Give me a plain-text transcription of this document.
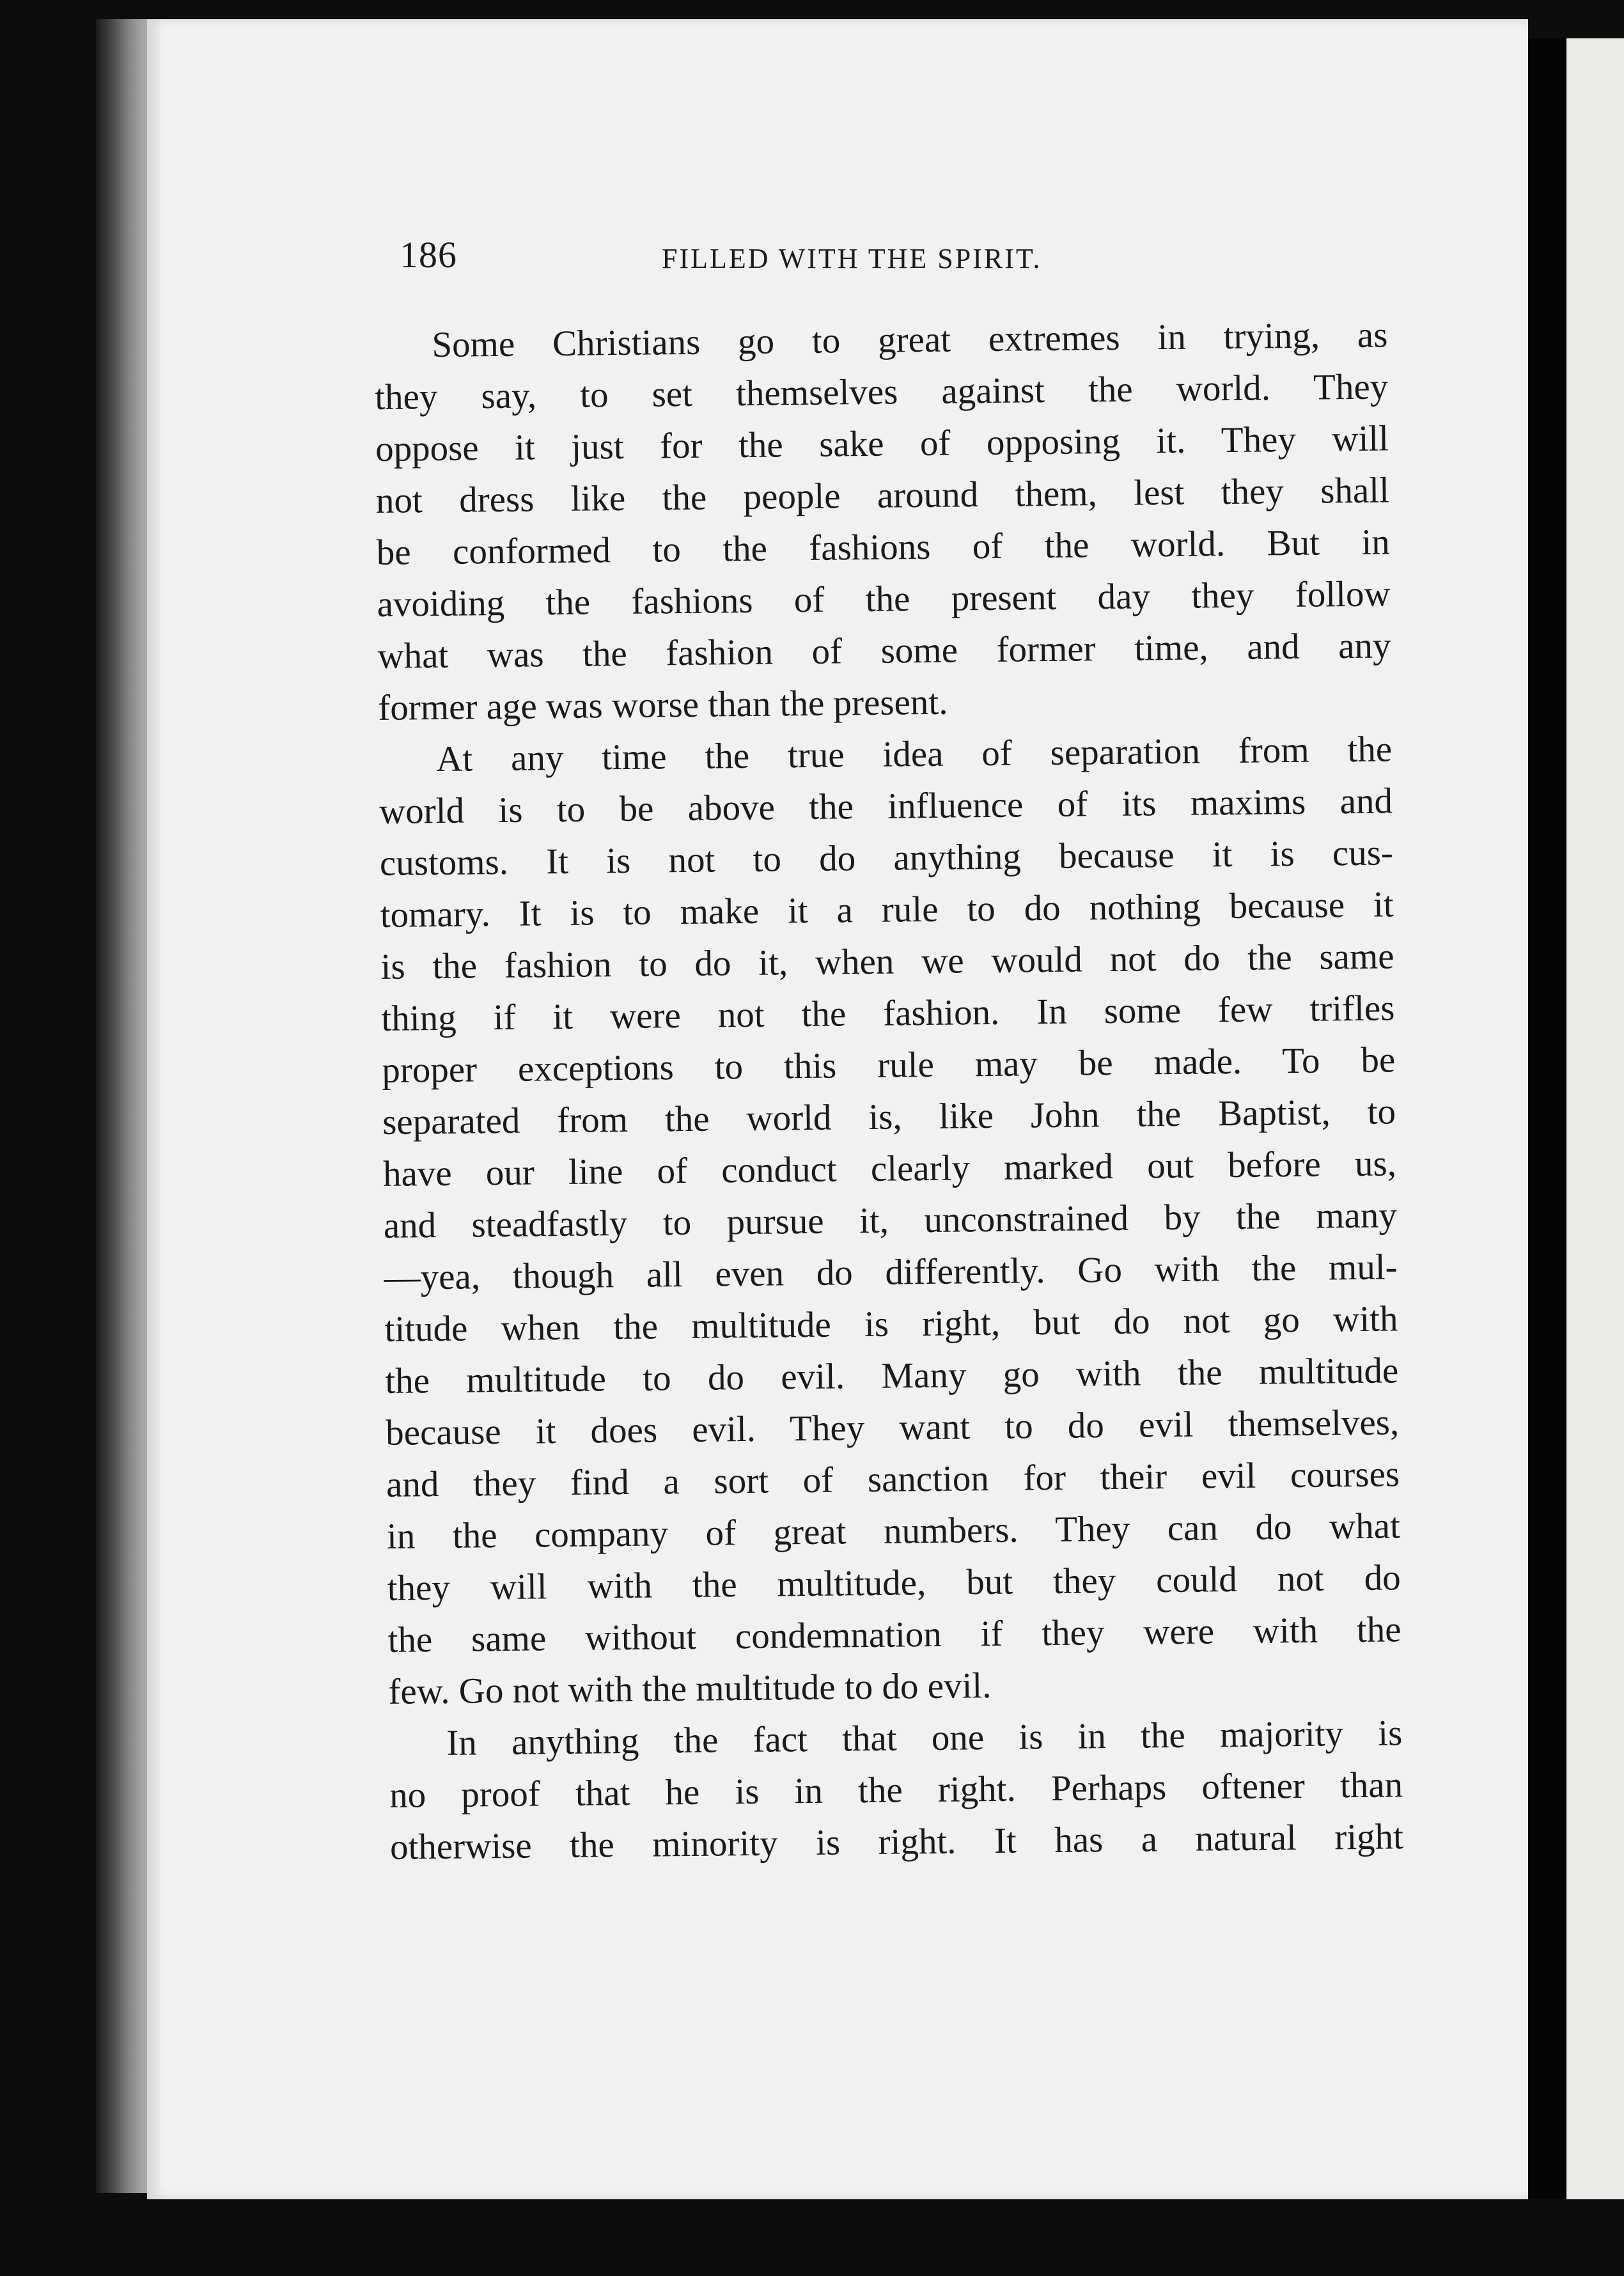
186	FILLED WITH THE SPIRIT.
Some Christians go to great extremes in trying, as
they say, to set themselves against the world. They
oppose it just for the sake of opposing it. They will
not dress like the people around them, lest they shall
be conformed to the fashions of the world. But in
avoiding the fashions of the present day they follow
what was the fashion of some former time, and any
former age was worse than the present.
At any time the true idea of separation from the
world is to be above the influence of its maxims and
customs. It is not to do anything because it is cus-
tomary. It is to make it a rule to do nothing because it
is the fashion to do it, when we would not do the same
thing if it were not the fashion. In some few trifles
proper exceptions to this rule may be made. To be
separated from the world is, like John the Baptist, to
have our line of conduct clearly marked out before us,
and steadfastly to pursue it, unconstrained by the many
—yea, though all even do differently. Go with the mul-
titude when the multitude is right, but do not go with
the multitude to do evil. Many go with the multitude
because it does evil. They want to do evil themselves,
and they find a sort of sanction for their evil courses
in the company of great numbers. They can do what
they will with the multitude, but they could not do
the same without condemnation if they were with the
few. Go not with the multitude to do evil.
In anything the fact that one is in the majority is
no proof that he is in the right. Perhaps oftener than
otherwise the minority is right. It has a natural right
